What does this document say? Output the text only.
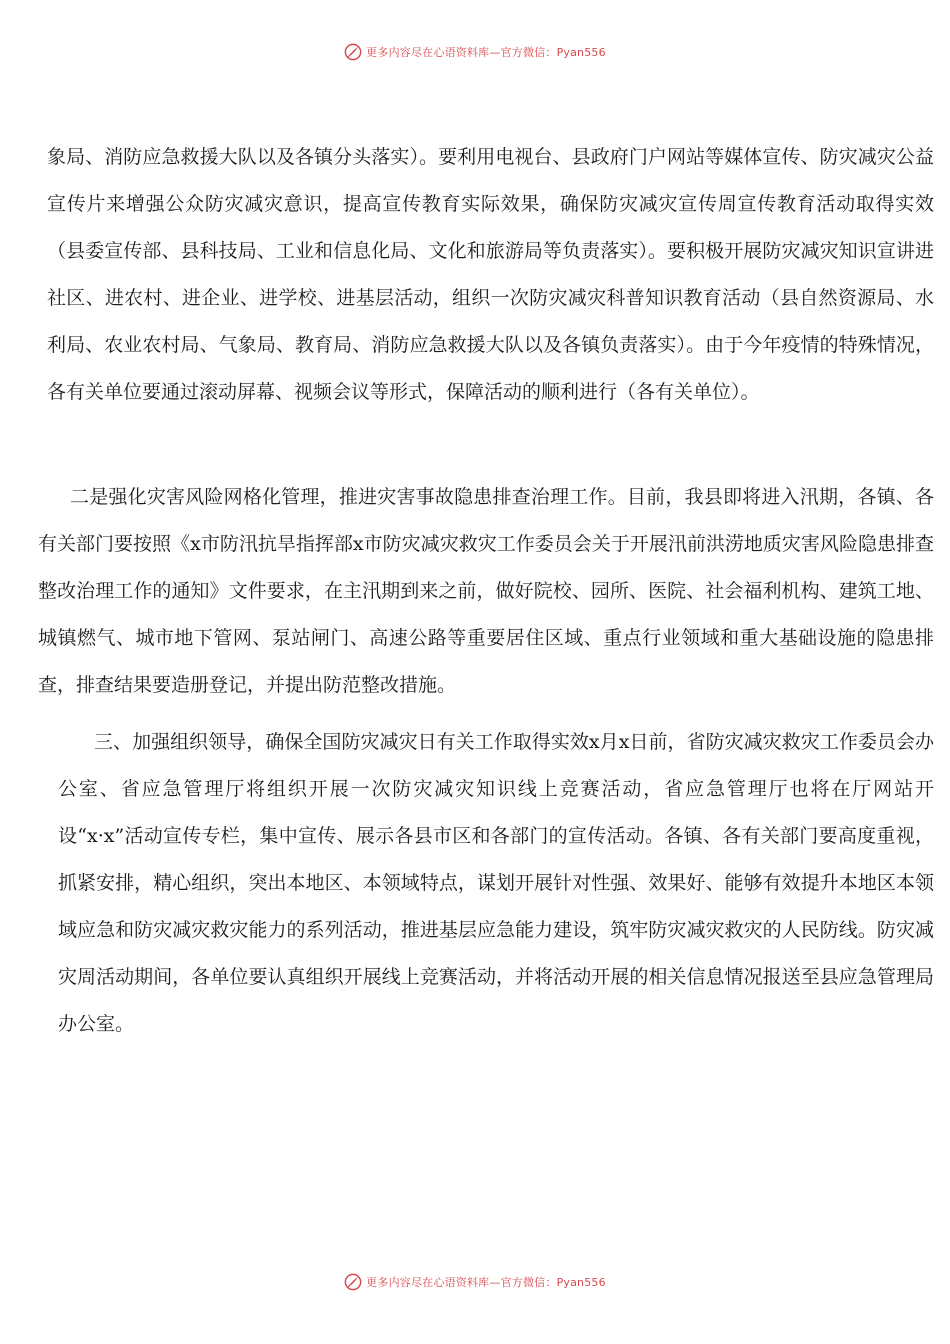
更多内容尽在心语资料库—官方微信：Pyan556

象局、消防应急救援大队以及各镇分头落实）。要利用电视台、县政府门户网站等媒体宣传、防灾减灾公益宣传片来增强公众防灾减灾意识，提高宣传教育实际效果，确保防灾减灾宣传周宣传教育活动取得实效（县委宣传部、县科技局、工业和信息化局、文化和旅游局等负责落实）。要积极开展防灾减灾知识宣讲进社区、进农村、进企业、进学校、进基层活动，组织一次防灾减灾科普知识教育活动（县自然资源局、水利局、农业农村局、气象局、教育局、消防应急救援大队以及各镇负责落实）。由于今年疫情的特殊情况，各有关单位要通过滚动屏幕、视频会议等形式，保障活动的顺利进行（各有关单位）。

二是强化灾害风险网格化管理，推进灾害事故隐患排查治理工作。目前，我县即将进入汛期，各镇、各有关部门要按照《x市防汛抗旱指挥部x市防灾减灾救灾工作委员会关于开展汛前洪涝地质灾害风险隐患排查整改治理工作的通知》文件要求，在主汛期到来之前，做好院校、园所、医院、社会福利机构、建筑工地、城镇燃气、城市地下管网、泵站闸门、高速公路等重要居住区域、重点行业领域和重大基础设施的隐患排查，排查结果要造册登记，并提出防范整改措施。

三、加强组织领导，确保全国防灾减灾日有关工作取得实效x月x日前，省防灾减灾救灾工作委员会办公室、省应急管理厅将组织开展一次防灾减灾知识线上竞赛活动，省应急管理厅也将在厅网站开设“x·x”活动宣传专栏，集中宣传、展示各县市区和各部门的宣传活动。各镇、各有关部门要高度重视，抓紧安排，精心组织，突出本地区、本领域特点，谋划开展针对性强、效果好、能够有效提升本地区本领域应急和防灾减灾救灾能力的系列活动，推进基层应急能力建设，筑牢防灾减灾救灾的人民防线。防灾减灾周活动期间，各单位要认真组织开展线上竞赛活动，并将活动开展的相关信息情况报送至县应急管理局办公室。

更多内容尽在心语资料库—官方微信：Pyan556
